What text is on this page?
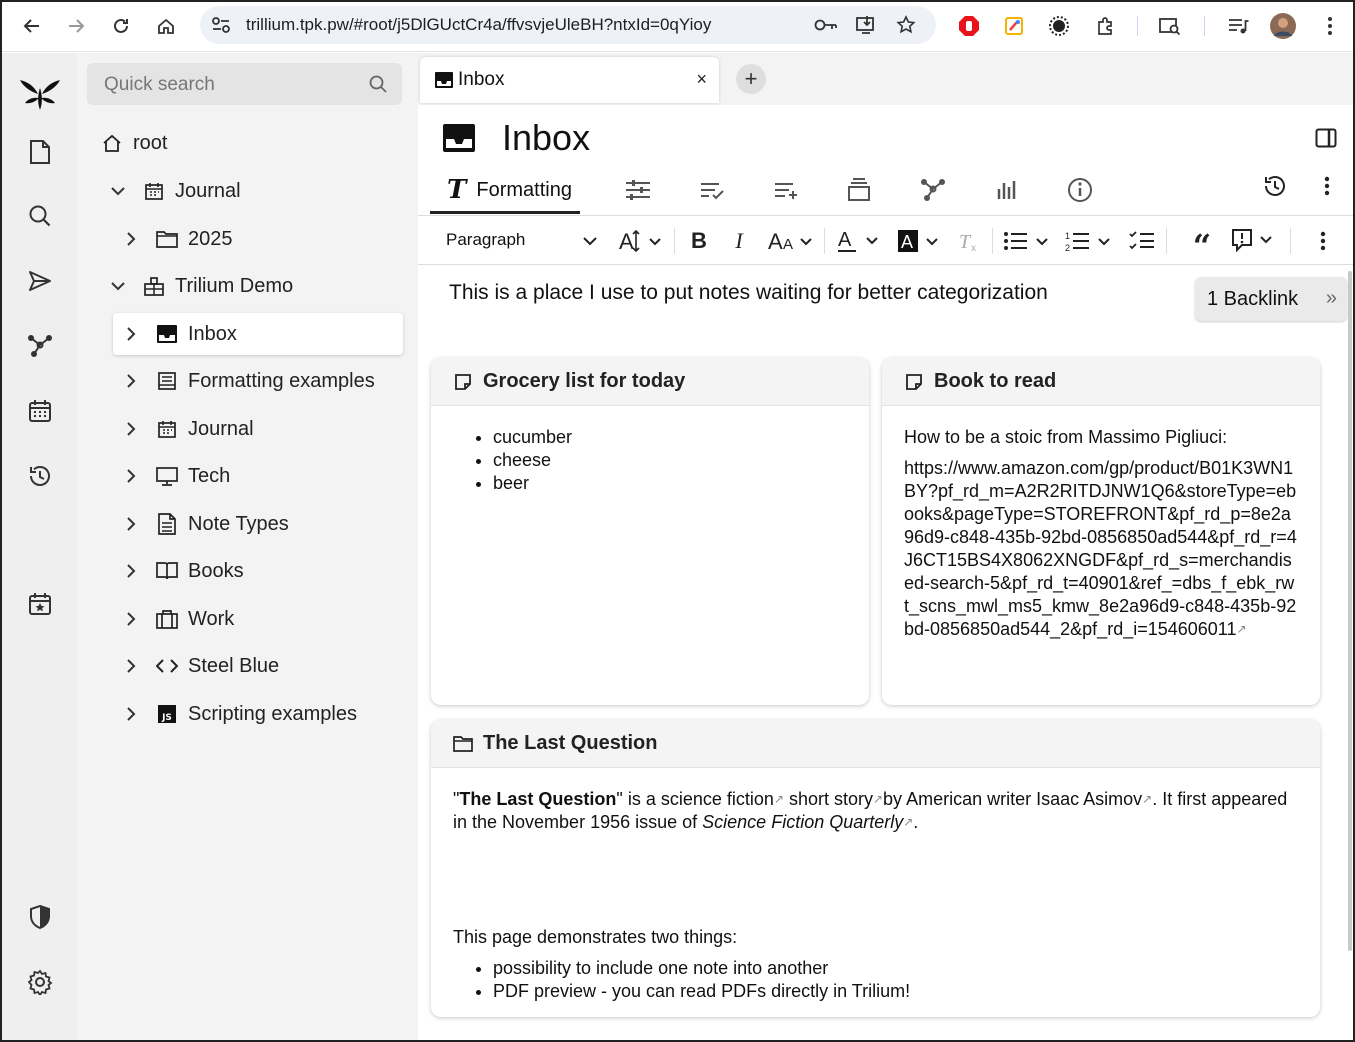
trillium.tpk.pw/#root/j5DlGUctCr4a/ffvsvjeUleBH?ntxId=0qYioy
Quick search
root
Journal
2025
Trilium Demo
Inbox
Formatting examples
Journal
Tech
Note Types
Books
Work
Steel Blue
JS Scripting examples
Inbox	×	+
Inbox
T Formatting
Paragraph	A	B I A A A	A T x
1
2	“
This is a place I use to put notes waiting for better categorization	1 Backlink »
Grocery list for today
• cucumber
• cheese
• beer
Book to read

How to be a stoic from Massimo Pigliuci:

https://www.amazon.com/gp/product/B01K3WN1BY?pf_rd_m=A2R2RITDJNW1Q6&storeType=ebooks&pageType=STOREFRONT&pf_rd_p=8e2a96d9-c848-435b-92bd-0856850ad544&pf_rd_r=4J6CT15BS4X8062XNGDF&pf_rd_s=merchandised-search-5&pf_rd_t=40901&ref_=dbs_f_ebk_rwt_scns_mwl_ms5_kmw_8e2a96d9-c848-435b-92bd-0856850ad544_2&pf_rd_i=154606011↗

The Last Question

"The Last Question" is a science fiction↗ short story↗by American writer Isaac Asimov↗. It first appeared in the November 1956 issue of Science Fiction Quarterly↗.

This page demonstrates two things:

• possibility to include one note into another
• PDF preview - you can read PDFs directly in Trilium!
